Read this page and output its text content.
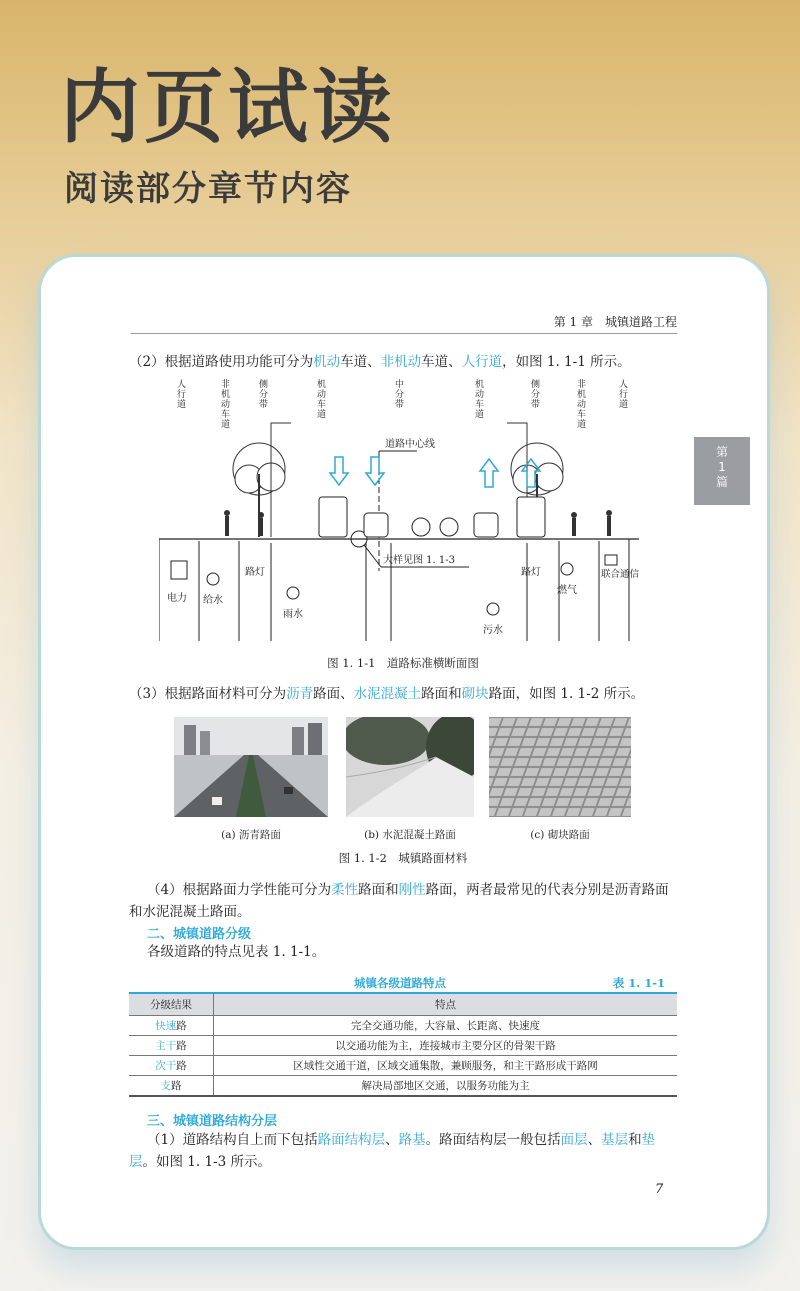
内页试读
阅读部分章节内容
第 1 章　城镇道路工程
第
1
篇
（2）根据道路使用功能可分为机动车道、非机动车道、人行道，如图 1. 1-1 所示。
人行道
非机动车道
侧分带
机动车道
中分带
机动车道
侧分带
非机动车道
人行道
道路中心线
大样见图 1. 1-3
电力 给水
路灯
雨水
污水
路灯
燃气
联合通信
图 1. 1-1　道路标准横断面图
（3）根据路面材料可分为沥青路面、水泥混凝土路面和砌块路面，如图 1. 1-2 所示。
(a) 沥青路面	(b) 水泥混凝土路面	(c) 砌块路面
图 1. 1-2　城镇路面材料
（4）根据路面力学性能可分为柔性路面和刚性路面，两者最常见的代表分别是沥青路面和水泥混凝土路面。
二、城镇道路分级
各级道路的特点见表 1. 1-1。
城镇各级道路特点	表 1. 1-1
分级结果	特点
快速路	完全交通功能，大容量、长距离、快速度
主干路	以交通功能为主，连接城市主要分区的骨架干路
次干路	区域性交通干道，区域交通集散，兼顾服务，和主干路形成干路网
支路	解决局部地区交通，以服务功能为主
三、城镇道路结构分层
（1）道路结构自上而下包括路面结构层、路基。路面结构层一般包括面层、基层和垫层。如图 1. 1-3 所示。
7
